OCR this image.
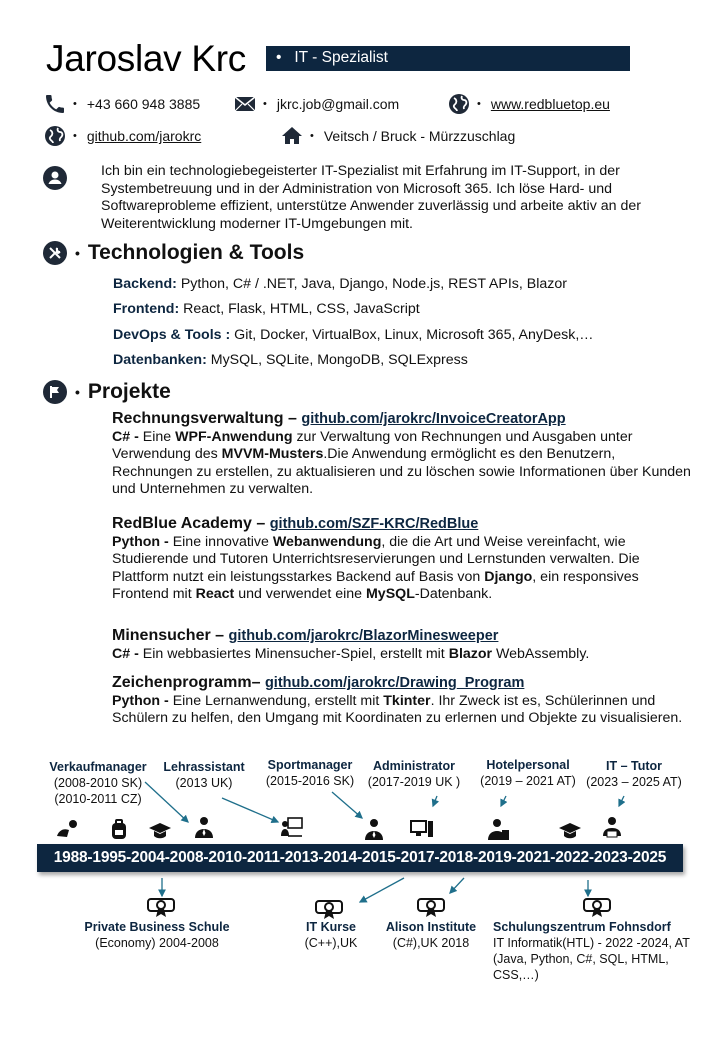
Jaroslav Krc	• IT - Spezialist
• +43 660 948 3885	• jkrc.job@gmail.com	• www.redbluetop.eu
• github.com/jarokrc	• Veitsch / Bruck - Mürzzuschlag
Ich bin ein technologiebegeisterter IT-Spezialist mit Erfahrung im IT-Support, in der Systembetreuung und in der Administration von Microsoft 365. Ich löse Hard- und Softwareprobleme effizient, unterstütze Anwender zuverlässig und arbeite aktiv an der Weiterentwicklung moderner IT-Umgebungen mit.
• Technologien & Tools
Backend: Python, C# / .NET, Java, Django, Node.js, REST APIs, Blazor
Frontend: React, Flask, HTML, CSS, JavaScript
DevOps & Tools : Git, Docker, VirtualBox, Linux, Microsoft 365, AnyDesk,…
Datenbanken: MySQL, SQLite, MongoDB, SQLExpress
• Projekte
Rechnungsverwaltung – github.com/jarokrc/InvoiceCreatorApp
C# - Eine WPF-Anwendung zur Verwaltung von Rechnungen und Ausgaben unter Verwendung des MVVM-Musters.Die Anwendung ermöglicht es den Benutzern, Rechnungen zu erstellen, zu aktualisieren und zu löschen sowie Informationen über Kunden und Unternehmen zu verwalten.
RedBlue Academy – github.com/SZF-KRC/RedBlue
Python - Eine innovative Webanwendung, die die Art und Weise vereinfacht, wie Studierende und Tutoren Unterrichtsreservierungen und Lernstunden verwalten. Die Plattform nutzt ein leistungsstarkes Backend auf Basis von Django, ein responsives Frontend mit React und verwendet eine MySQL-Datenbank.
Minensucher – github.com/jarokrc/BlazorMinesweeper
C# - Ein webbasiertes Minensucher-Spiel, erstellt mit Blazor WebAssembly.
Zeichenprogramm– github.com/jarokrc/Drawing_Program
Python - Eine Lernanwendung, erstellt mit Tkinter. Ihr Zweck ist es, Schülerinnen und Schülern zu helfen, den Umgang mit Koordinaten zu erlernen und Objekte zu visualisieren.
Verkaufmanager
(2008-2010 SK)
(2010-2011 CZ)
Lehrassistant
(2013 UK)
Sportmanager
(2015-2016 SK)
Administrator
(2017-2019 UK )
Hotelpersonal
(2019 – 2021 AT)
IT – Tutor
(2023 – 2025 AT)
1988-1995-2004-2008-2010-2011-2013-2014-2015-2017-2018-2019-2021-2022-2023-2025
Private Business Schule
(Economy) 2004-2008
IT Kurse
(C++),UK
Alison Institute
(C#),UK 2018
Schulungszentrum Fohnsdorf
IT Informatik(HTL) - 2022 -2024, AT
(Java, Python, C#, SQL, HTML,
CSS,…)
